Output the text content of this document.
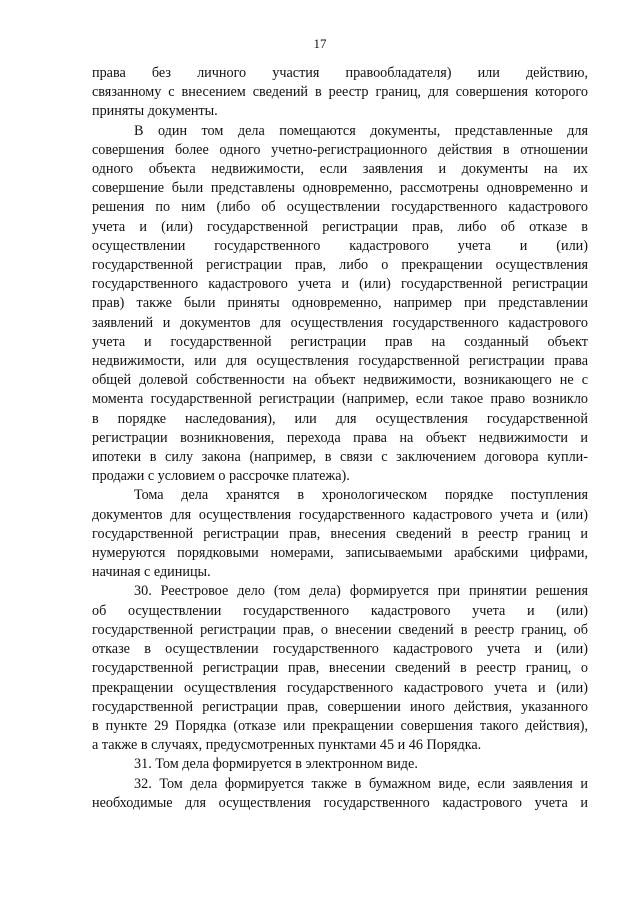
17

права без личного участия правообладателя) или действию,

связанному с внесением сведений в реестр границ, для совершения которого

приняты документы.

В один том дела помещаются документы, представленные для

совершения более одного учетно-регистрационного действия в отношении

одного объекта недвижимости, если заявления и документы на их

совершение были представлены одновременно, рассмотрены одновременно и

решения по ним (либо об осуществлении государственного кадастрового

учета и (или) государственной регистрации прав, либо об отказе в

осуществлении государственного кадастрового учета и (или)

государственной регистрации прав, либо о прекращении осуществления

государственного кадастрового учета и (или) государственной регистрации

прав) также были приняты одновременно, например при представлении

заявлений и документов для осуществления государственного кадастрового

учета и государственной регистрации прав на созданный объект

недвижимости, или для осуществления государственной регистрации права

общей долевой собственности на объект недвижимости, возникающего не с

момента государственной регистрации (например, если такое право возникло

в порядке наследования), или для осуществления государственной

регистрации возникновения, перехода права на объект недвижимости и

ипотеки в силу закона (например, в связи с заключением договора купли-

продажи с условием о рассрочке платежа).

Тома дела хранятся в хронологическом порядке поступления

документов для осуществления государственного кадастрового учета и (или)

государственной регистрации прав, внесения сведений в реестр границ и

нумеруются порядковыми номерами, записываемыми арабскими цифрами,

начиная с единицы.

30. Реестровое дело (том дела) формируется при принятии решения

об осуществлении государственного кадастрового учета и (или)

государственной регистрации прав, о внесении сведений в реестр границ, об

отказе в осуществлении государственного кадастрового учета и (или)

государственной регистрации прав, внесении сведений в реестр границ, о

прекращении осуществления государственного кадастрового учета и (или)

государственной регистрации прав, совершении иного действия, указанного

в пункте 29 Порядка (отказе или прекращении совершения такого действия),

а также в случаях, предусмотренных пунктами 45 и 46 Порядка.

31. Том дела формируется в электронном виде.

32. Том дела формируется также в бумажном виде, если заявления и

необходимые для осуществления государственного кадастрового учета и
